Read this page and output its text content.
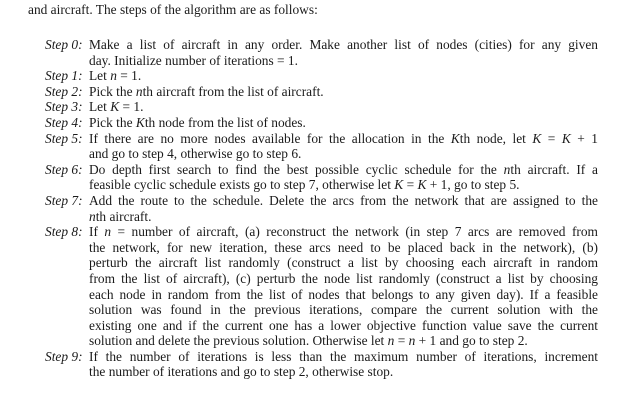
and aircraft. The steps of the algorithm are as follows:
Step 0: Make a list of aircraft in any order. Make another list of nodes (cities) for any given
day. Initialize number of iterations = 1.
Step 1: Let n = 1.
Step 2: Pick the nth aircraft from the list of aircraft.
Step 3: Let K = 1.
Step 4: Pick the Kth node from the list of nodes.
Step 5: If there are no more nodes available for the allocation in the Kth node, let K = K + 1
and go to step 4, otherwise go to step 6.
Step 6: Do depth first search to find the best possible cyclic schedule for the nth aircraft. If a
feasible cyclic schedule exists go to step 7, otherwise let K = K + 1, go to step 5.
Step 7: Add the route to the schedule. Delete the arcs from the network that are assigned to the
nth aircraft.
Step 8: If n = number of aircraft, (a) reconstruct the network (in step 7 arcs are removed from
the network, for new iteration, these arcs need to be placed back in the network), (b)
perturb the aircraft list randomly (construct a list by choosing each aircraft in random
from the list of aircraft), (c) perturb the node list randomly (construct a list by choosing
each node in random from the list of nodes that belongs to any given day). If a feasible
solution was found in the previous iterations, compare the current solution with the
existing one and if the current one has a lower objective function value save the current
solution and delete the previous solution. Otherwise let n = n + 1 and go to step 2.
Step 9: If the number of iterations is less than the maximum number of iterations, increment
the number of iterations and go to step 2, otherwise stop.
